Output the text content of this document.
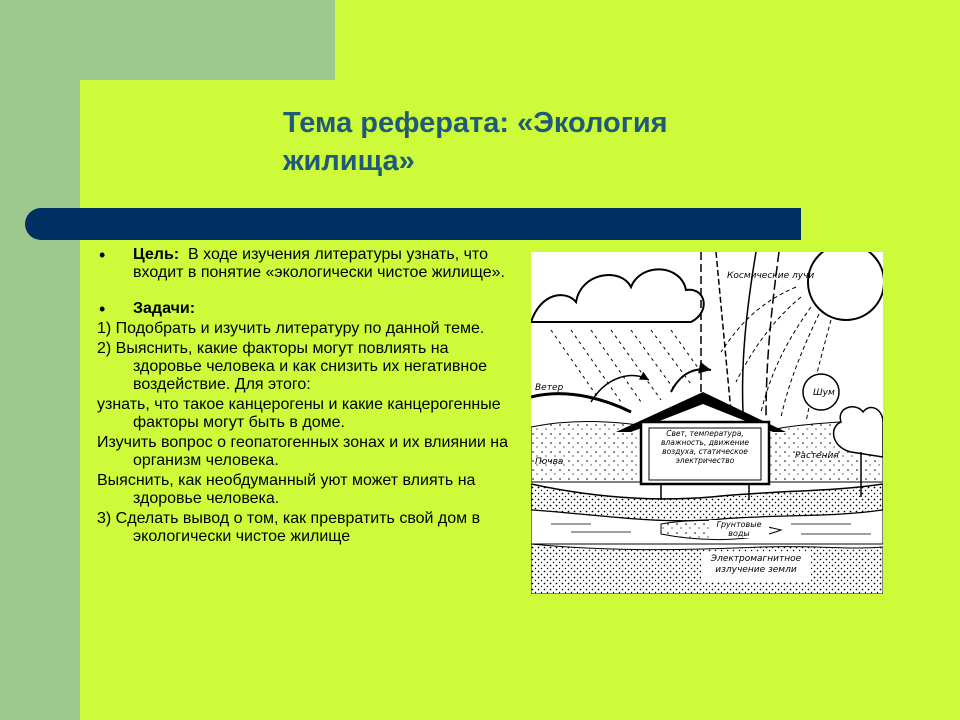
Тема реферата: «Экология жилища»
• Цель: В ходе изучения литературы узнать, что входит в понятие «экологически чистое жилище».
• Задачи:
1) Подобрать и изучить литературу по данной теме.
2) Выяснить, какие факторы могут повлиять на здоровье человека и как снизить их негативное воздействие. Для этого:
узнать, что такое канцерогены и какие канцерогенные факторы могут быть в доме.
Изучить вопрос о геопатогенных зонах и их влиянии на организм человека.
Выяснить, как необдуманный уют может влиять на здоровье человека.
3) Сделать вывод о том, как превратить свой дом в экологически чистое жилище
Космические лучи
Ветер	Шум
Почва
Растения
Свет, температура, влажность, движение воздуха, статическое электричество
Грунтовые воды
Электромагнитное излучение земли
